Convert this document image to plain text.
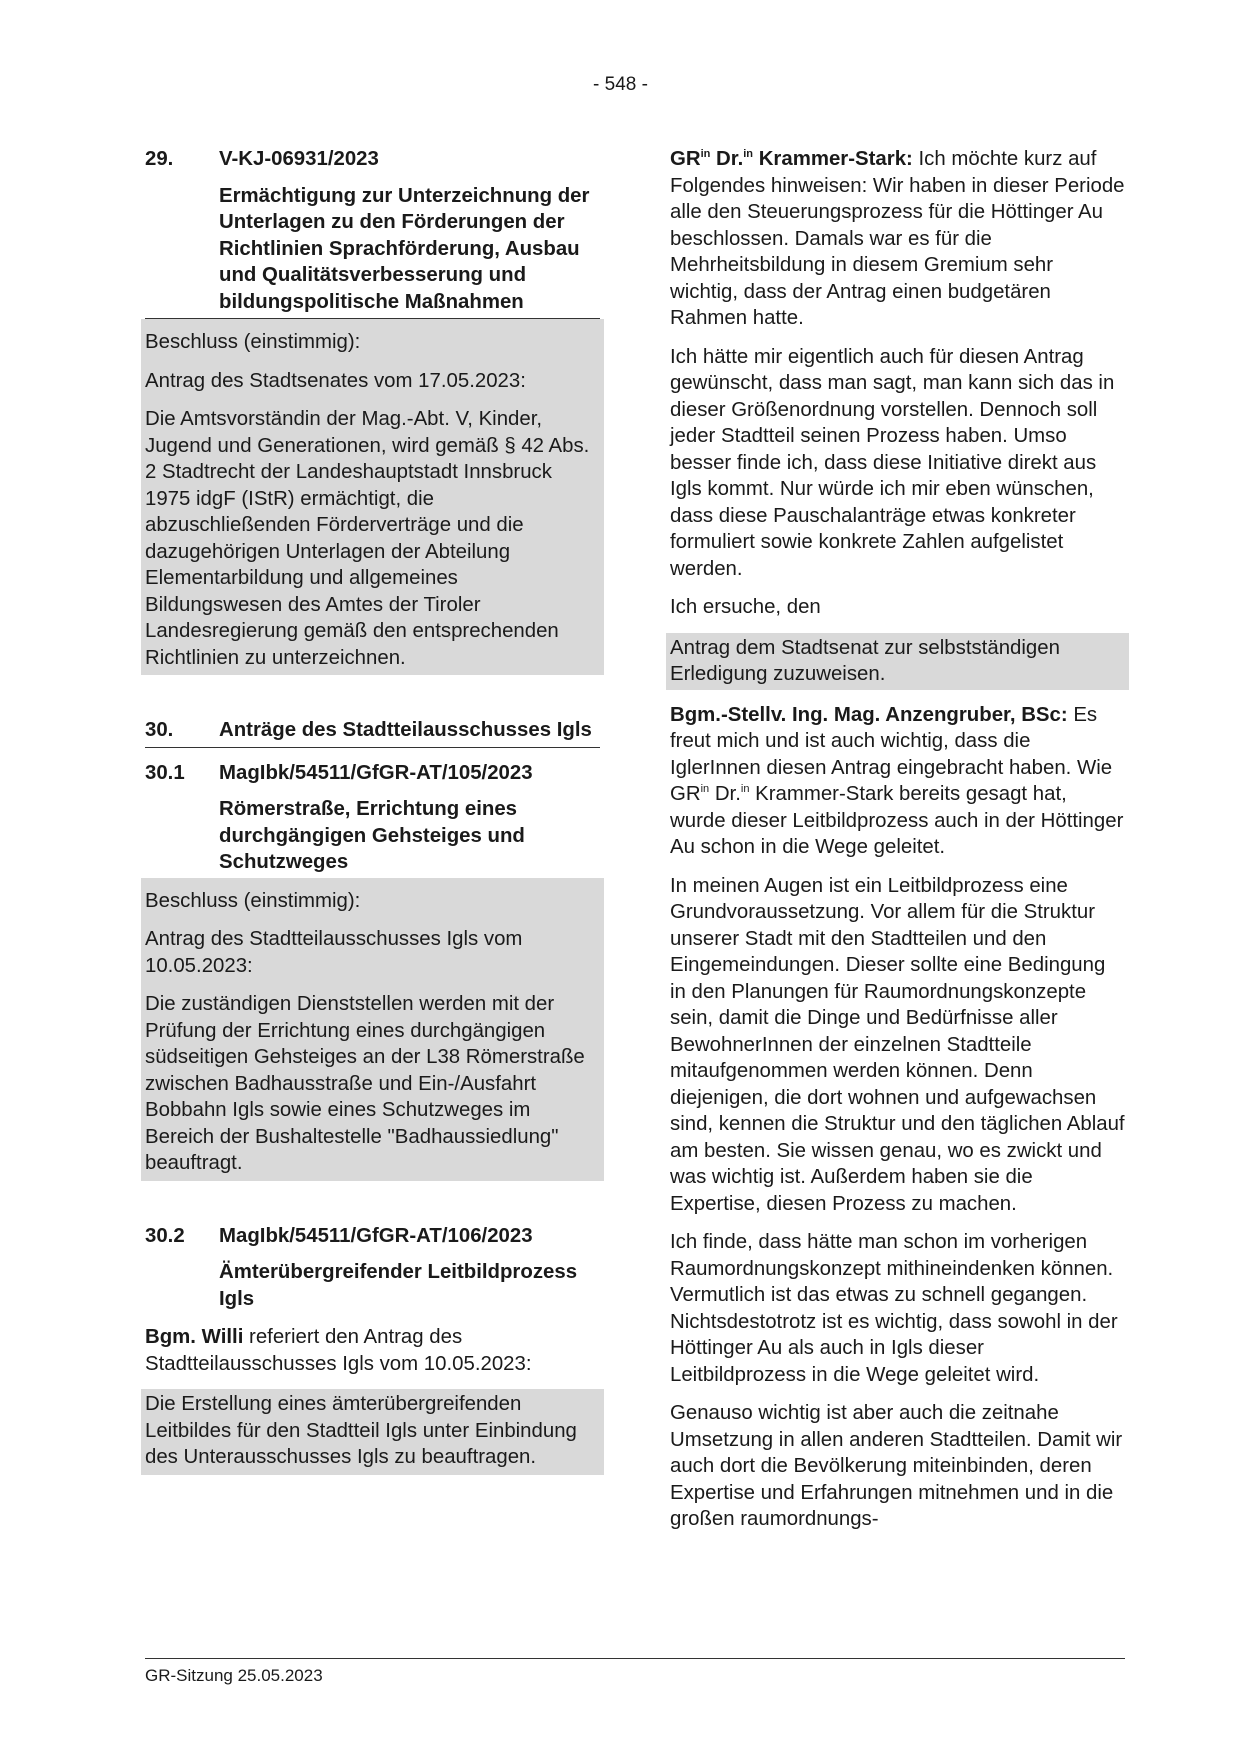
- 548 -
29.	V-KJ-06931/2023
Ermächtigung zur Unterzeichnung der Unterlagen zu den Förderungen der Richtlinien Sprachförderung, Ausbau und Qualitätsverbesserung und bildungspolitische Maßnahmen

Beschluss (einstimmig):

Antrag des Stadtsenates vom 17.05.2023:

Die Amtsvorständin der Mag.-Abt. V, Kinder, Jugend und Generationen, wird gemäß § 42 Abs. 2 Stadtrecht der Landeshauptstadt Innsbruck 1975 idgF (IStR) ermächtigt, die abzuschließenden Förderverträge und die dazugehörigen Unterlagen der Abteilung Elementarbildung und allgemeines Bildungswesen des Amtes der Tiroler Landesregierung gemäß den entsprechenden Richtlinien zu unterzeichnen.

30.	Anträge des Stadtteilausschusses Igls
30.1	MagIbk/54511/GfGR-AT/105/2023
Römerstraße, Errichtung eines durchgängigen Gehsteiges und Schutzweges

Beschluss (einstimmig):

Antrag des Stadtteilausschusses Igls vom 10.05.2023:

Die zuständigen Dienststellen werden mit der Prüfung der Errichtung eines durchgängigen südseitigen Gehsteiges an der L38 Römerstraße zwischen Badhausstraße und Ein-/Ausfahrt Bobbahn Igls sowie eines Schutzweges im Bereich der Bushaltestelle "Badhaussiedlung" beauftragt.

30.2	MagIbk/54511/GfGR-AT/106/2023
Ämterübergreifender Leitbildprozess Igls

Bgm. Willi referiert den Antrag des Stadtteilausschusses Igls vom 10.05.2023:

Die Erstellung eines ämterübergreifenden Leitbildes für den Stadtteil Igls unter Einbindung des Unterausschusses Igls zu beauftragen.

$GR^{in}$ Dr.$^{in}$ Krammer-Stark: Ich möchte kurz auf Folgendes hinweisen: Wir haben in dieser Periode alle den Steuerungsprozess für die Höttinger Au beschlossen. Damals war es für die Mehrheitsbildung in diesem Gremium sehr wichtig, dass der Antrag einen budgetären Rahmen hatte.

Ich hätte mir eigentlich auch für diesen Antrag gewünscht, dass man sagt, man kann sich das in dieser Größenordnung vorstellen. Dennoch soll jeder Stadtteil seinen Prozess haben. Umso besser finde ich, dass diese Initiative direkt aus Igls kommt. Nur würde ich mir eben wünschen, dass diese Pauschalanträge etwas konkreter formuliert sowie konkrete Zahlen aufgelistet werden.

Ich ersuche, den

Antrag dem Stadtsenat zur selbstständigen Erledigung zuzuweisen.

Bgm.-Stellv. Ing. Mag. Anzengruber, BSc: Es freut mich und ist auch wichtig, dass die IglerInnen diesen Antrag eingebracht haben. Wie $GR^{in}$ Dr.$^{in}$ Krammer-Stark bereits gesagt hat, wurde dieser Leitbildprozess auch in der Höttinger Au schon in die Wege geleitet.

In meinen Augen ist ein Leitbildprozess eine Grundvoraussetzung. Vor allem für die Struktur unserer Stadt mit den Stadtteilen und den Eingemeindungen. Dieser sollte eine Bedingung in den Planungen für Raumordnungskonzepte sein, damit die Dinge und Bedürfnisse aller BewohnerInnen der einzelnen Stadtteile mitaufgenommen werden können. Denn diejenigen, die dort wohnen und aufgewachsen sind, kennen die Struktur und den täglichen Ablauf am besten. Sie wissen genau, wo es zwickt und was wichtig ist. Außerdem haben sie die Expertise, diesen Prozess zu machen.

Ich finde, dass hätte man schon im vorherigen Raumordnungskonzept mithineindenken können. Vermutlich ist das etwas zu schnell gegangen. Nichtsdestotrotz ist es wichtig, dass sowohl in der Höttinger Au als auch in Igls dieser Leitbildprozess in die Wege geleitet wird.

Genauso wichtig ist aber auch die zeitnahe Umsetzung in allen anderen Stadtteilen. Damit wir auch dort die Bevölkerung miteinbinden, deren Expertise und Erfahrungen mitnehmen und in die großen raumordnungs-

GR-Sitzung 25.05.2023
